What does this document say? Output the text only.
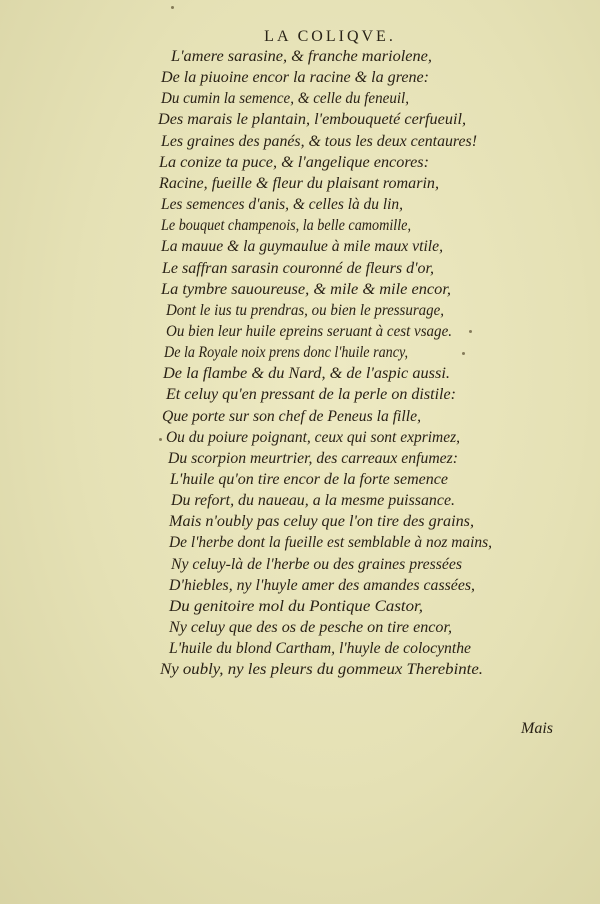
LA COLIQVE.
L'amere sarasine, & franche mariolene,
De la piuoine encor la racine & la grene:
Du cumin la semence, & celle du feneuil,
Des marais le plantain, l'embouqueté cerfueuil,
Les graines des panés, & tous les deux centaures!
La conize ta puce, & l'angelique encores:
Racine, fueille & fleur du plaisant romarin,
Les semences d'anis, & celles là du lin,
Le bouquet champenois, la belle camomille,
La mauue & la guymaulue à mile maux vtile,
Le saffran sarasin couronné de fleurs d'or,
La tymbre sauoureuse, & mile & mile encor,
Dont le ius tu prendras, ou bien le pressurage,
Ou bien leur huile epreins seruant à cest vsage.
De la Royale noix prens donc l'huile rancy,
De la flambe & du Nard, & de l'aspic aussi.
Et celuy qu'en pressant de la perle on distile:
Que porte sur son chef de Peneus la fille,
Ou du poiure poignant, ceux qui sont exprimez,
Du scorpion meurtrier, des carreaux enfumez:
L'huile qu'on tire encor de la forte semence
Du refort, du naueau, a la mesme puissance.
Mais n'oubly pas celuy que l'on tire des grains,
De l'herbe dont la fueille est semblable à noz mains,
Ny celuy-là de l'herbe ou des graines pressées
D'hiebles, ny l'huyle amer des amandes cassées,
Du genitoire mol du Pontique Castor,
Ny celuy que des os de pesche on tire encor,
L'huile du blond Cartham, l'huyle de colocynthe
Ny oubly, ny les pleurs du gommeux Therebinte.
Mais
